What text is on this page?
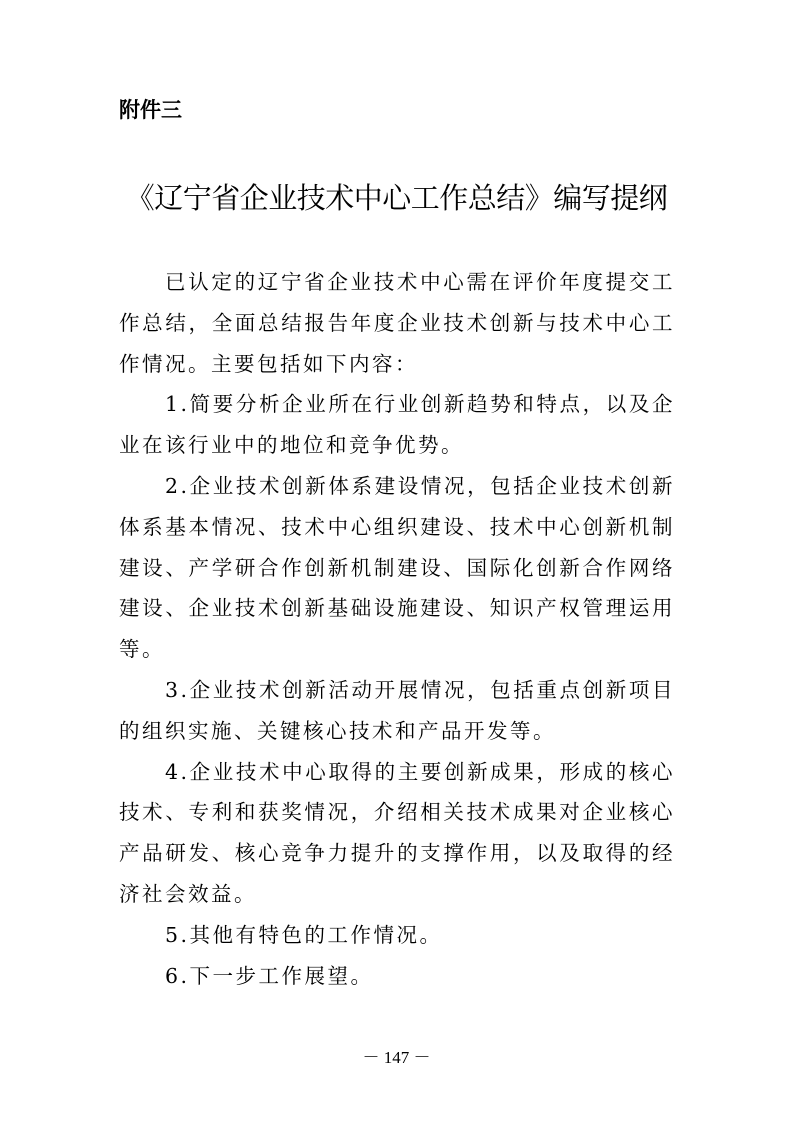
附件三
《辽宁省企业技术中心工作总结》编写提纲

已认定的辽宁省企业技术中心需在评价年度提交工作总结，全面总结报告年度企业技术创新与技术中心工作情况。主要包括如下内容：

1.简要分析企业所在行业创新趋势和特点，以及企业在该行业中的地位和竞争优势。

2.企业技术创新体系建设情况，包括企业技术创新体系基本情况、技术中心组织建设、技术中心创新机制建设、产学研合作创新机制建设、国际化创新合作网络建设、企业技术创新基础设施建设、知识产权管理运用等。

3.企业技术创新活动开展情况，包括重点创新项目的组织实施、关键核心技术和产品开发等。

4.企业技术中心取得的主要创新成果，形成的核心技术、专利和获奖情况，介绍相关技术成果对企业核心产品研发、核心竞争力提升的支撑作用，以及取得的经济社会效益。

5.其他有特色的工作情况。

6.下一步工作展望。

－ 147 －
